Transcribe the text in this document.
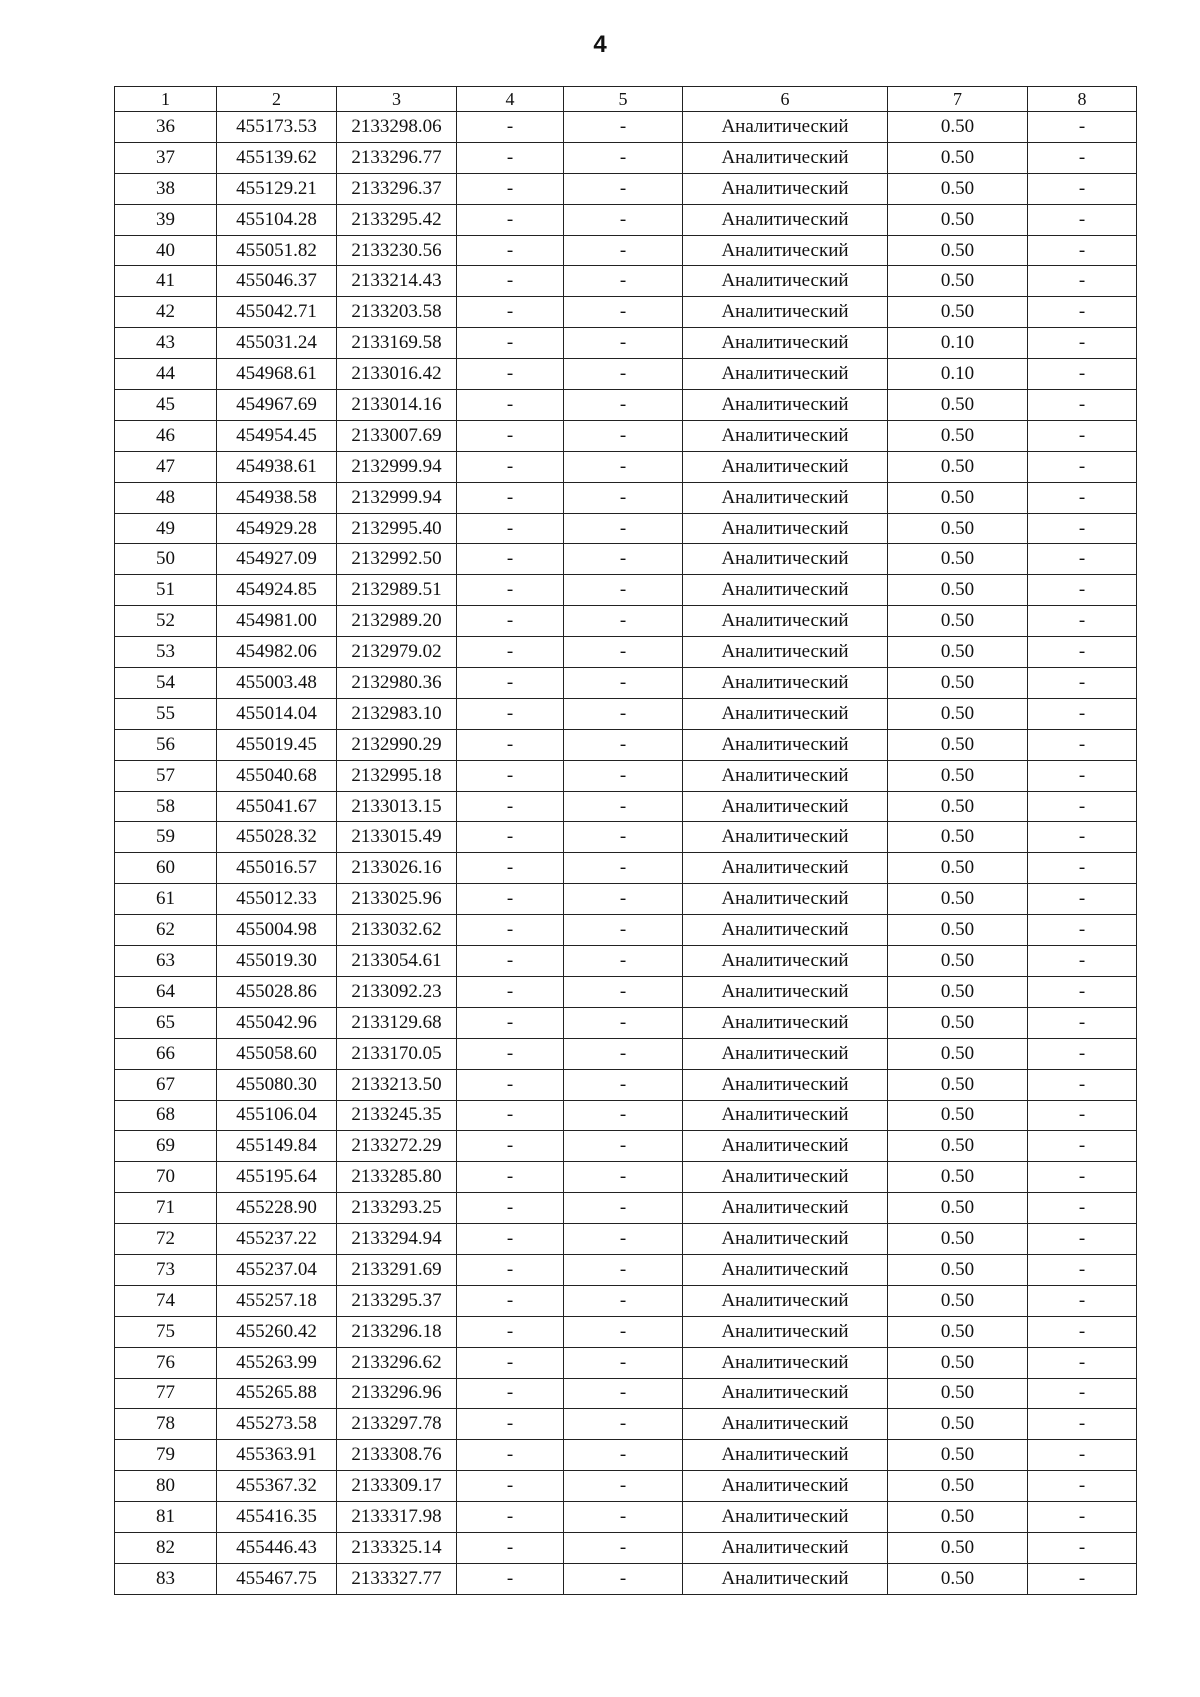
4
1	2	3	4	5	6	7	8
36	455173.53	2133298.06	-	-	Аналитический	0.50	-
37	455139.62	2133296.77	-	-	Аналитический	0.50	-
38	455129.21	2133296.37	-	-	Аналитический	0.50	-
39	455104.28	2133295.42	-	-	Аналитический	0.50	-
40	455051.82	2133230.56	-	-	Аналитический	0.50	-
41	455046.37	2133214.43	-	-	Аналитический	0.50	-
42	455042.71	2133203.58	-	-	Аналитический	0.50	-
43	455031.24	2133169.58	-	-	Аналитический	0.10	-
44	454968.61	2133016.42	-	-	Аналитический	0.10	-
45	454967.69	2133014.16	-	-	Аналитический	0.50	-
46	454954.45	2133007.69	-	-	Аналитический	0.50	-
47	454938.61	2132999.94	-	-	Аналитический	0.50	-
48	454938.58	2132999.94	-	-	Аналитический	0.50	-
49	454929.28	2132995.40	-	-	Аналитический	0.50	-
50	454927.09	2132992.50	-	-	Аналитический	0.50	-
51	454924.85	2132989.51	-	-	Аналитический	0.50	-
52	454981.00	2132989.20	-	-	Аналитический	0.50	-
53	454982.06	2132979.02	-	-	Аналитический	0.50	-
54	455003.48	2132980.36	-	-	Аналитический	0.50	-
55	455014.04	2132983.10	-	-	Аналитический	0.50	-
56	455019.45	2132990.29	-	-	Аналитический	0.50	-
57	455040.68	2132995.18	-	-	Аналитический	0.50	-
58	455041.67	2133013.15	-	-	Аналитический	0.50	-
59	455028.32	2133015.49	-	-	Аналитический	0.50	-
60	455016.57	2133026.16	-	-	Аналитический	0.50	-
61	455012.33	2133025.96	-	-	Аналитический	0.50	-
62	455004.98	2133032.62	-	-	Аналитический	0.50	-
63	455019.30	2133054.61	-	-	Аналитический	0.50	-
64	455028.86	2133092.23	-	-	Аналитический	0.50	-
65	455042.96	2133129.68	-	-	Аналитический	0.50	-
66	455058.60	2133170.05	-	-	Аналитический	0.50	-
67	455080.30	2133213.50	-	-	Аналитический	0.50	-
68	455106.04	2133245.35	-	-	Аналитический	0.50	-
69	455149.84	2133272.29	-	-	Аналитический	0.50	-
70	455195.64	2133285.80	-	-	Аналитический	0.50	-
71	455228.90	2133293.25	-	-	Аналитический	0.50	-
72	455237.22	2133294.94	-	-	Аналитический	0.50	-
73	455237.04	2133291.69	-	-	Аналитический	0.50	-
74	455257.18	2133295.37	-	-	Аналитический	0.50	-
75	455260.42	2133296.18	-	-	Аналитический	0.50	-
76	455263.99	2133296.62	-	-	Аналитический	0.50	-
77	455265.88	2133296.96	-	-	Аналитический	0.50	-
78	455273.58	2133297.78	-	-	Аналитический	0.50	-
79	455363.91	2133308.76	-	-	Аналитический	0.50	-
80	455367.32	2133309.17	-	-	Аналитический	0.50	-
81	455416.35	2133317.98	-	-	Аналитический	0.50	-
82	455446.43	2133325.14	-	-	Аналитический	0.50	-
83	455467.75	2133327.77	-	-	Аналитический	0.50	-
